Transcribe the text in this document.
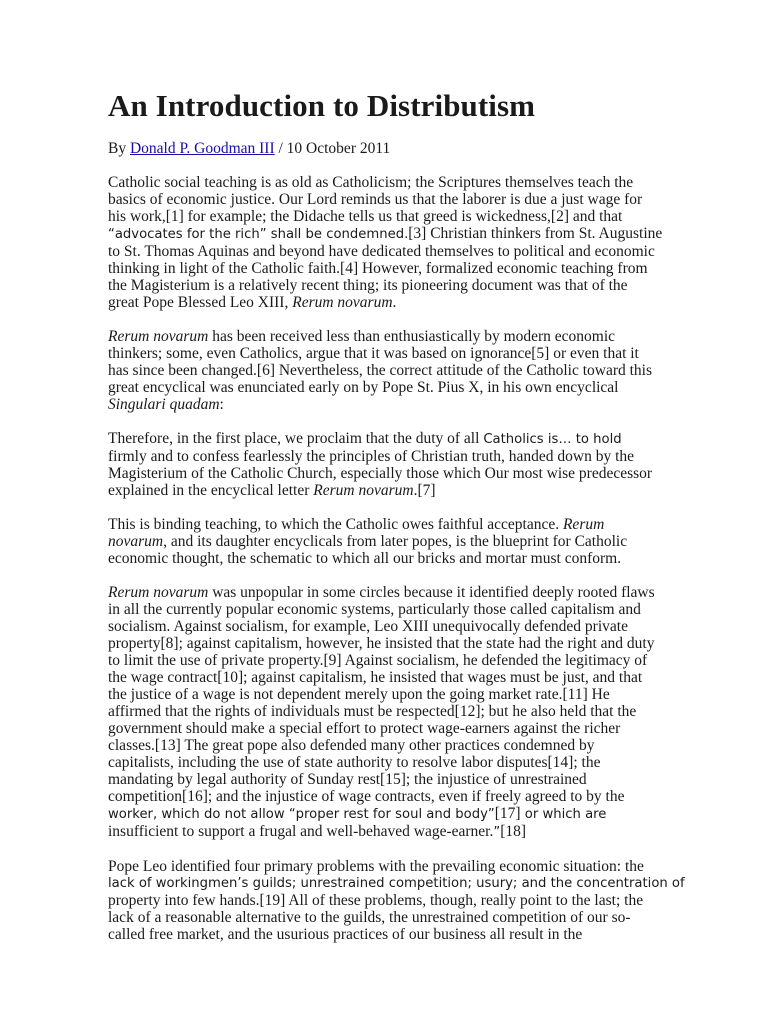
An Introduction to Distributism
By Donald P. Goodman III / 10 October 2011

Catholic social teaching is as old as Catholicism; the Scriptures themselves teach the
basics of economic justice. Our Lord reminds us that the laborer is due a just wage for
his work,[1] for example; the Didache tells us that greed is wickedness,[2] and that
“advocates for the rich” shall be condemned.[3] Christian thinkers from St. Augustine
to St. Thomas Aquinas and beyond have dedicated themselves to political and economic
thinking in light of the Catholic faith.[4] However, formalized economic teaching from
the Magisterium is a relatively recent thing; its pioneering document was that of the
great Pope Blessed Leo XIII, Rerum novarum.

Rerum novarum has been received less than enthusiastically by modern economic
thinkers; some, even Catholics, argue that it was based on ignorance[5] or even that it
has since been changed.[6] Nevertheless, the correct attitude of the Catholic toward this
great encyclical was enunciated early on by Pope St. Pius X, in his own encyclical
Singulari quadam:

Therefore, in the first place, we proclaim that the duty of all Catholics is… to hold
firmly and to confess fearlessly the principles of Christian truth, handed down by the
Magisterium of the Catholic Church, especially those which Our most wise predecessor
explained in the encyclical letter Rerum novarum.[7]

This is binding teaching, to which the Catholic owes faithful acceptance. Rerum
novarum, and its daughter encyclicals from later popes, is the blueprint for Catholic
economic thought, the schematic to which all our bricks and mortar must conform.

Rerum novarum was unpopular in some circles because it identified deeply rooted flaws
in all the currently popular economic systems, particularly those called capitalism and
socialism. Against socialism, for example, Leo XIII unequivocally defended private
property[8]; against capitalism, however, he insisted that the state had the right and duty
to limit the use of private property.[9] Against socialism, he defended the legitimacy of
the wage contract[10]; against capitalism, he insisted that wages must be just, and that
the justice of a wage is not dependent merely upon the going market rate.[11] He
affirmed that the rights of individuals must be respected[12]; but he also held that the
government should make a special effort to protect wage-earners against the richer
classes.[13] The great pope also defended many other practices condemned by
capitalists, including the use of state authority to resolve labor disputes[14]; the
mandating by legal authority of Sunday rest[15]; the injustice of unrestrained
competition[16]; and the injustice of wage contracts, even if freely agreed to by the
worker, which do not allow “proper rest for soul and body”[17] or which are
insufficient to support a frugal and well-behaved wage-earner.”[18]

Pope Leo identified four primary problems with the prevailing economic situation: the
lack of workingmen’s guilds; unrestrained competition; usury; and the concentration of
property into few hands.[19] All of these problems, though, really point to the last; the
lack of a reasonable alternative to the guilds, the unrestrained competition of our so-
called free market, and the usurious practices of our business all result in the
